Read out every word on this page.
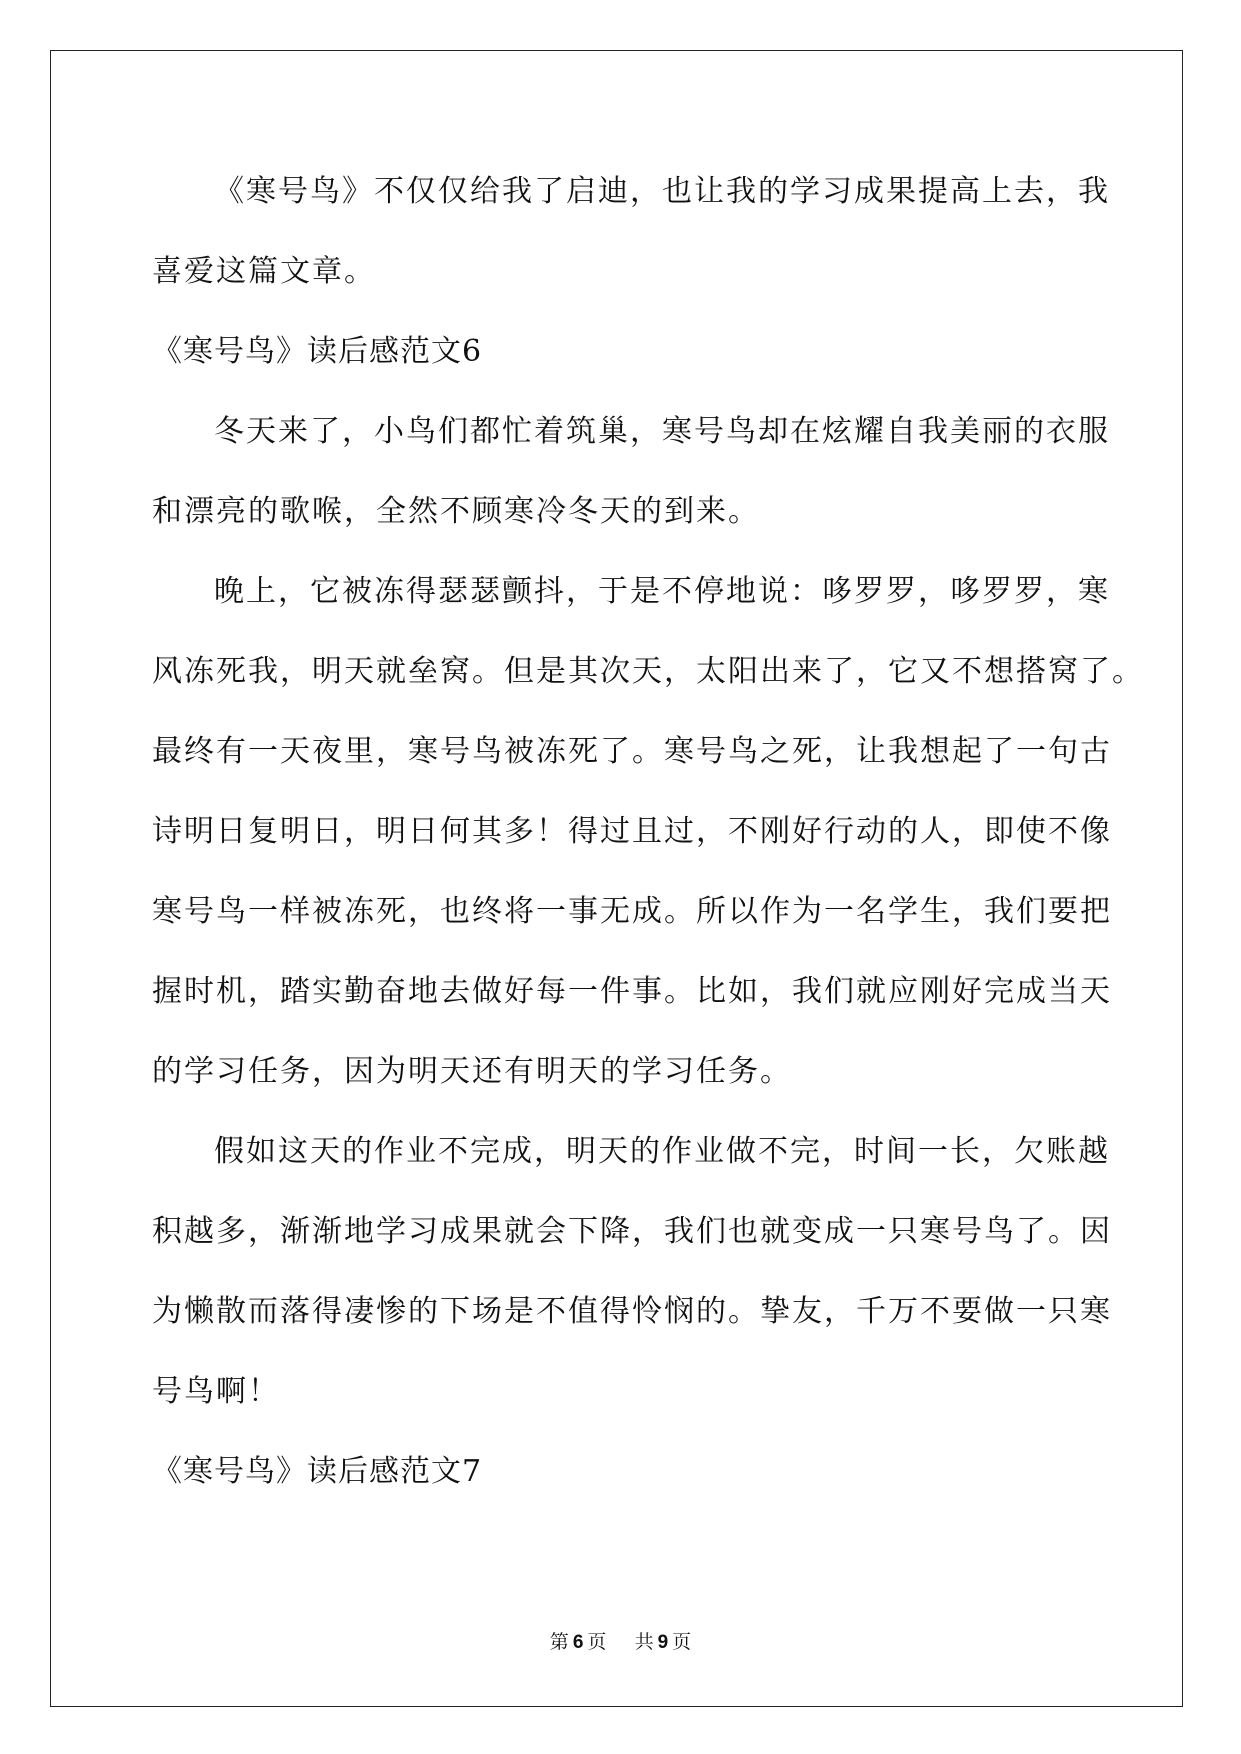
《寒号鸟》不仅仅给我了启迪，也让我的学习成果提高上去，我
喜爱这篇文章。
《寒号鸟》读后感范文6
冬天来了，小鸟们都忙着筑巢，寒号鸟却在炫耀自我美丽的衣服
和漂亮的歌喉，全然不顾寒冷冬天的到来。
晚上，它被冻得瑟瑟颤抖，于是不停地说：哆罗罗，哆罗罗，寒
风冻死我，明天就垒窝。但是其次天，太阳出来了，它又不想搭窝了。
最终有一天夜里，寒号鸟被冻死了。寒号鸟之死，让我想起了一句古
诗明日复明日，明日何其多！得过且过，不刚好行动的人，即使不像
寒号鸟一样被冻死，也终将一事无成。所以作为一名学生，我们要把
握时机，踏实勤奋地去做好每一件事。比如，我们就应刚好完成当天
的学习任务，因为明天还有明天的学习任务。
假如这天的作业不完成，明天的作业做不完，时间一长，欠账越
积越多，渐渐地学习成果就会下降，我们也就变成一只寒号鸟了。因
为懒散而落得凄惨的下场是不值得怜悯的。挚友，千万不要做一只寒
号鸟啊！
《寒号鸟》读后感范文7
第 6 页 共 9 页
